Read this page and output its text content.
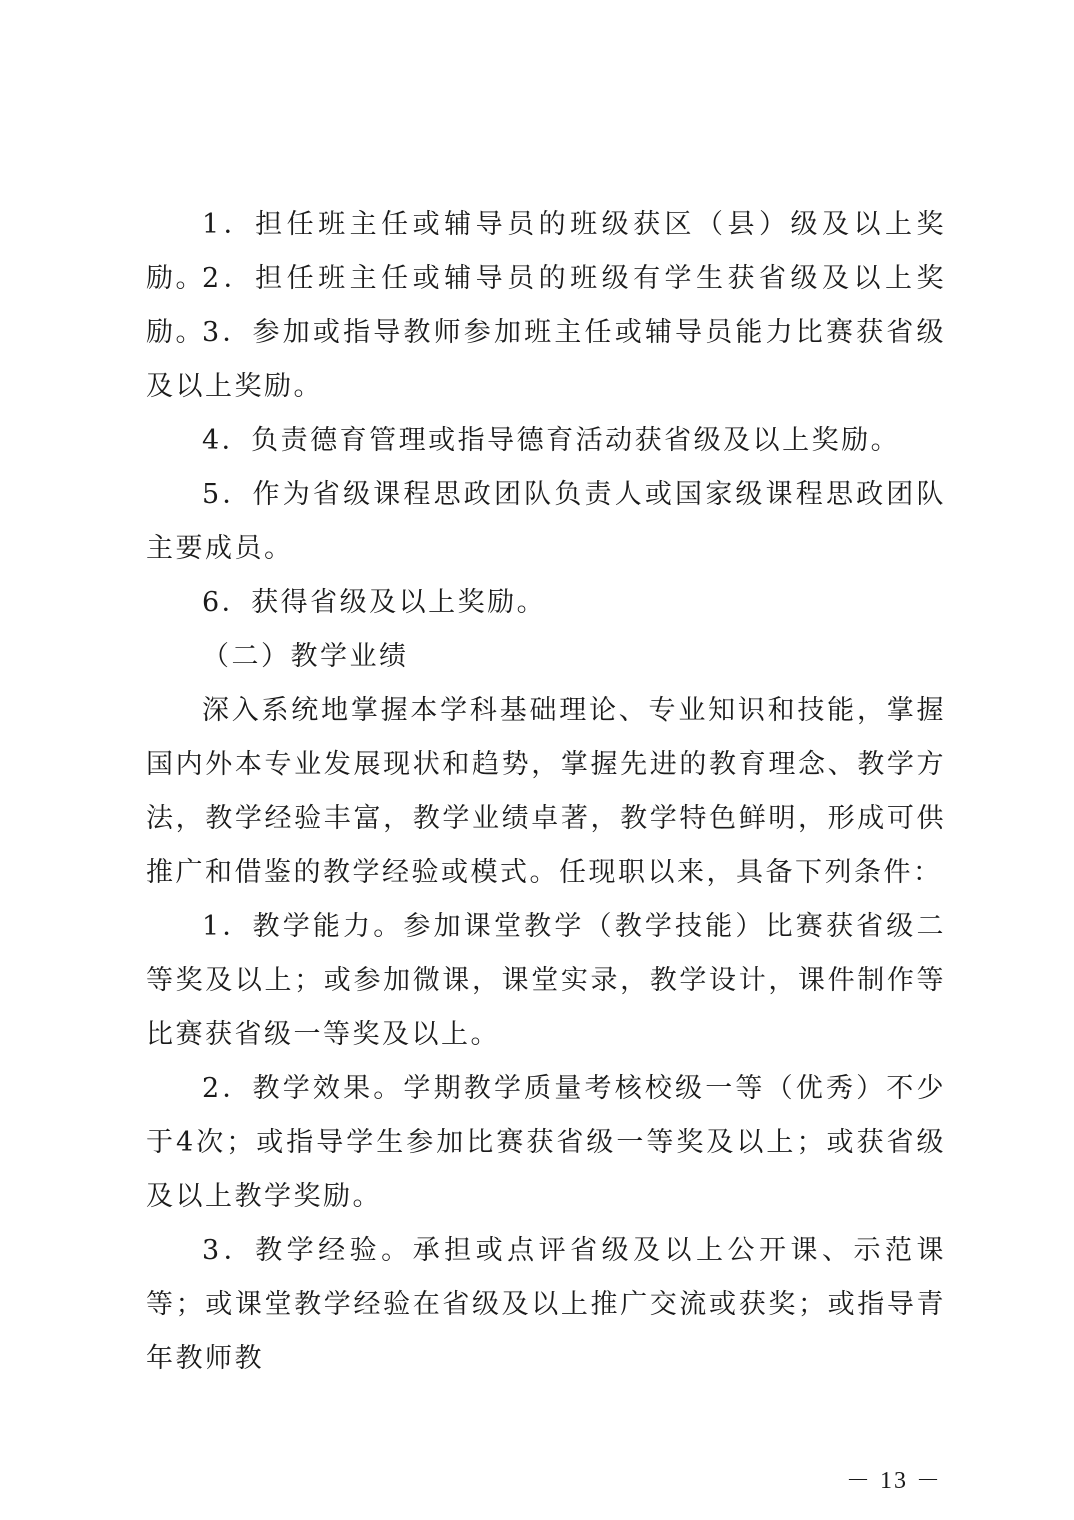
1．担任班主任或辅导员的班级获区（县）级及以上奖励。

2．担任班主任或辅导员的班级有学生获省级及以上奖励。

3．参加或指导教师参加班主任或辅导员能力比赛获省级及以上奖励。

4．负责德育管理或指导德育活动获省级及以上奖励。

5．作为省级课程思政团队负责人或国家级课程思政团队主要成员。

6．获得省级及以上奖励。

（二）教学业绩

深入系统地掌握本学科基础理论、专业知识和技能，掌握国内外本专业发展现状和趋势，掌握先进的教育理念、教学方法，教学经验丰富，教学业绩卓著，教学特色鲜明，形成可供推广和借鉴的教学经验或模式。任现职以来，具备下列条件：

1．教学能力。参加课堂教学（教学技能）比赛获省级二等奖及以上；或参加微课，课堂实录，教学设计，课件制作等比赛获省级一等奖及以上。

2．教学效果。学期教学质量考核校级一等（优秀）不少于4次；或指导学生参加比赛获省级一等奖及以上；或获省级及以上教学奖励。

3．教学经验。承担或点评省级及以上公开课、示范课等；或课堂教学经验在省级及以上推广交流或获奖；或指导青年教师教

－ 13 －
